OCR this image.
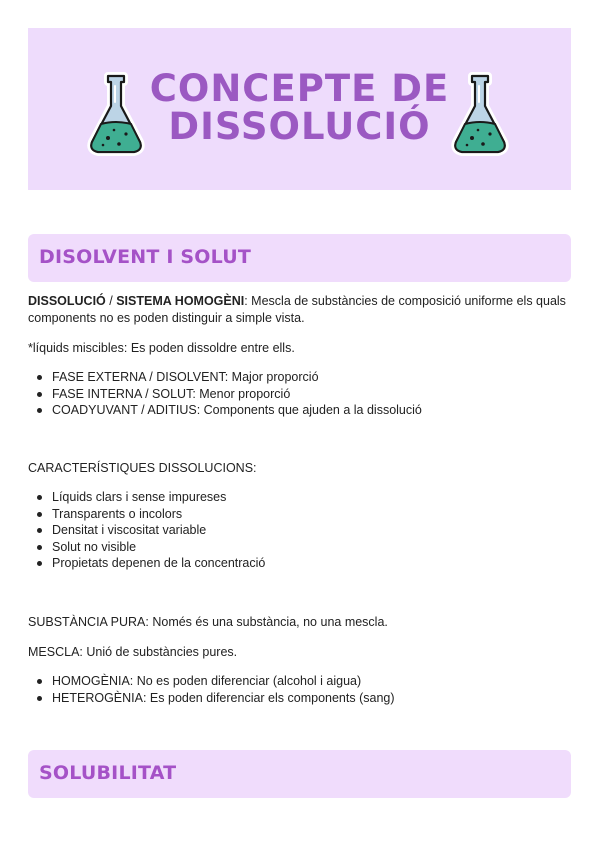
CONCEPTE DE
DISSOLUCIÓ
DISOLVENT I SOLUT
DISSOLUCIÓ / SISTEMA HOMOGÈNI: Mescla de substàncies de composició uniforme els quals components no es poden distinguir a simple vista.
*líquids miscibles: Es poden dissoldre entre ells.
FASE EXTERNA / DISOLVENT: Major proporció
FASE INTERNA / SOLUT: Menor proporció
COADYUVANT / ADITIUS: Components que ajuden a la dissolució
CARACTERÍSTIQUES DISSOLUCIONS:
Líquids clars i sense impureses
Transparents o incolors
Densitat i viscositat variable
Solut no visible
Propietats depenen de la concentració
SUBSTÀNCIA PURA: Només és una substància, no una mescla.
MESCLA: Unió de substàncies pures.
HOMOGÈNIA: No es poden diferenciar (alcohol i aigua)
HETEROGÈNIA: Es poden diferenciar els components (sang)
SOLUBILITAT
